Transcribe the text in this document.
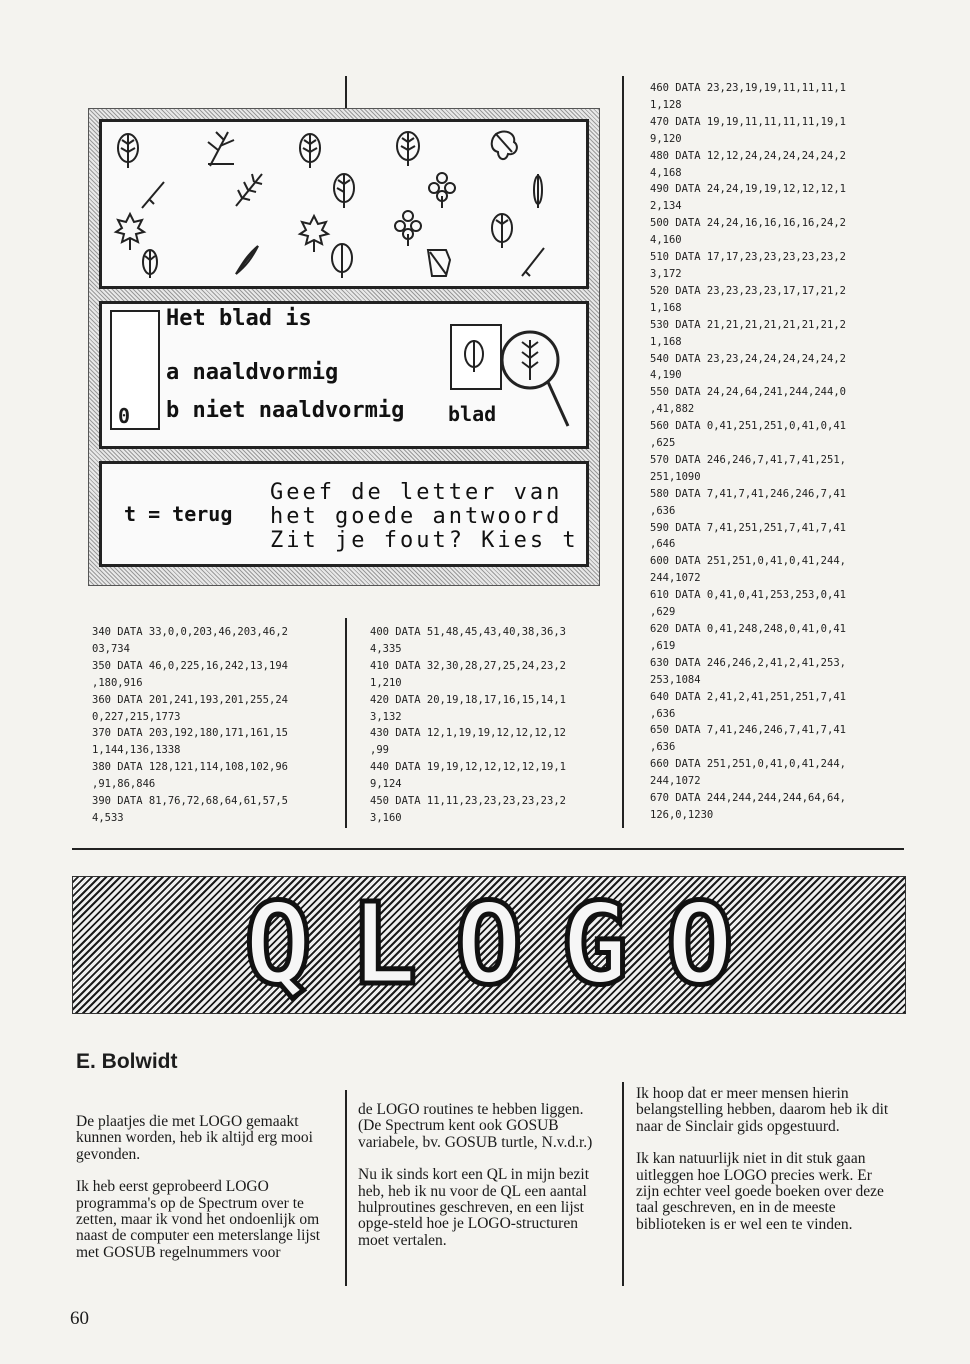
0
Het blad is
a naaldvormig
b niet naaldvormig blad
t = terug
Geef de letter van
het goede antwoord
Zit je fout? Kies t
340 DATA 33,0,0,203,46,203,46,2
03,734
350 DATA 46,0,225,16,242,13,194
,180,916
360 DATA 201,241,193,201,255,24
0,227,215,1773
370 DATA 203,192,180,171,161,15
1,144,136,1338
380 DATA 128,121,114,108,102,96
,91,86,846
390 DATA 81,76,72,68,64,61,57,5
4,533
400 DATA 51,48,45,43,40,38,36,3
4,335
410 DATA 32,30,28,27,25,24,23,2
1,210
420 DATA 20,19,18,17,16,15,14,1
3,132
430 DATA 12,1,19,19,12,12,12,12
,99
440 DATA 19,19,12,12,12,12,19,1
9,124
450 DATA 11,11,23,23,23,23,23,2
3,160
460 DATA 23,23,19,19,11,11,11,1
1,128
470 DATA 19,19,11,11,11,11,19,1
9,120
480 DATA 12,12,24,24,24,24,24,2
4,168
490 DATA 24,24,19,19,12,12,12,1
2,134
500 DATA 24,24,16,16,16,16,24,2
4,160
510 DATA 17,17,23,23,23,23,23,2
3,172
520 DATA 23,23,23,23,17,17,21,2
1,168
530 DATA 21,21,21,21,21,21,21,2
1,168
540 DATA 23,23,24,24,24,24,24,2
4,190
550 DATA 24,24,64,241,244,244,0
,41,882
560 DATA 0,41,251,251,0,41,0,41
,625
570 DATA 246,246,7,41,7,41,251,
251,1090
580 DATA 7,41,7,41,246,246,7,41
,636
590 DATA 7,41,251,251,7,41,7,41
,646
600 DATA 251,251,0,41,0,41,244,
244,1072
610 DATA 0,41,0,41,253,253,0,41
,629
620 DATA 0,41,248,248,0,41,0,41
,619
630 DATA 246,246,2,41,2,41,253,
253,1084
640 DATA 2,41,2,41,251,251,7,41
,636
650 DATA 7,41,246,246,7,41,7,41
,636
660 DATA 251,251,0,41,0,41,244,
244,1072
670 DATA 244,244,244,244,64,64,
126,0,1230
QLOGO
E. Bolwidt

De plaatjes die met LOGO gemaakt kunnen worden, heb ik altijd erg mooi gevonden.

Ik heb eerst geprobeerd LOGO programma's op de Spectrum over te zetten, maar ik vond het ondoenlijk om naast de computer een meterslange lijst met GOSUB regelnummers voor

de LOGO routines te hebben liggen. (De Spectrum kent ook GOSUB variabele, bv. GOSUB turtle, N.v.d.r.)

Nu ik sinds kort een QL in mijn bezit heb, heb ik nu voor de QL een aantal hulproutines geschreven, en een lijst opge-steld hoe je LOGO-structuren moet vertalen.

Ik hoop dat er meer mensen hierin belangstelling hebben, daarom heb ik dit naar de Sinclair gids opgestuurd.

Ik kan natuurlijk niet in dit stuk gaan uitleggen hoe LOGO precies werk. Er zijn echter veel goede boeken over deze taal geschreven, en in de meeste biblioteken is er wel een te vinden.

60
